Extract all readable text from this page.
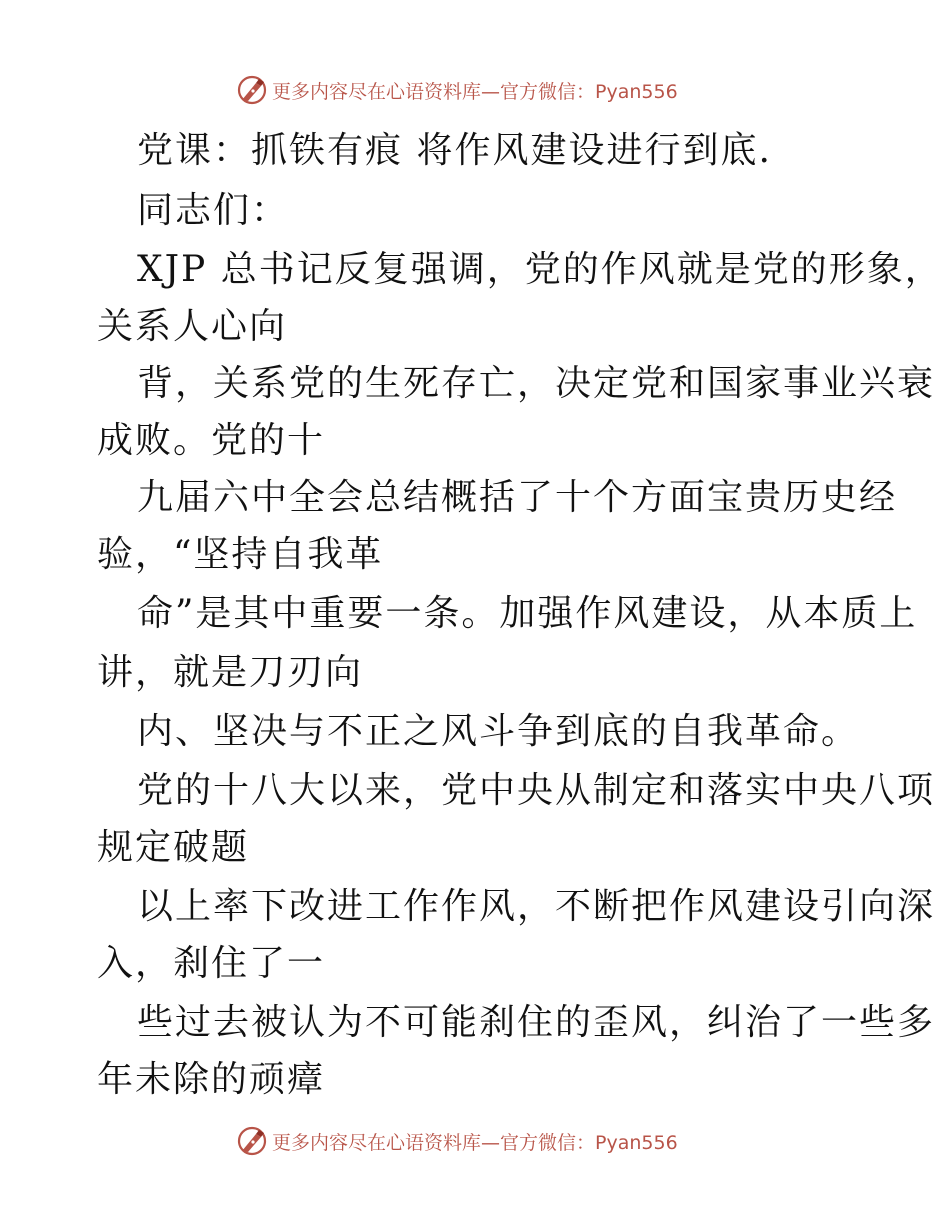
更多内容尽在心语资料库—官方微信：Pyan556
党课：抓铁有痕 将作风建设进行到底.
同志们：
XJP 总书记反复强调，党的作风就是党的形象，
关系人心向
背，关系党的生死存亡，决定党和国家事业兴衰
成败。党的十
九届六中全会总结概括了十个方面宝贵历史经
验，“坚持自我革
命”是其中重要一条。加强作风建设，从本质上
讲，就是刀刃向
内、坚决与不正之风斗争到底的自我革命。
党的十八大以来，党中央从制定和落实中央八项
规定破题
以上率下改进工作作风，不断把作风建设引向深
入，刹住了一
些过去被认为不可能刹住的歪风，纠治了一些多
年未除的顽瘴
更多内容尽在心语资料库—官方微信：Pyan556
